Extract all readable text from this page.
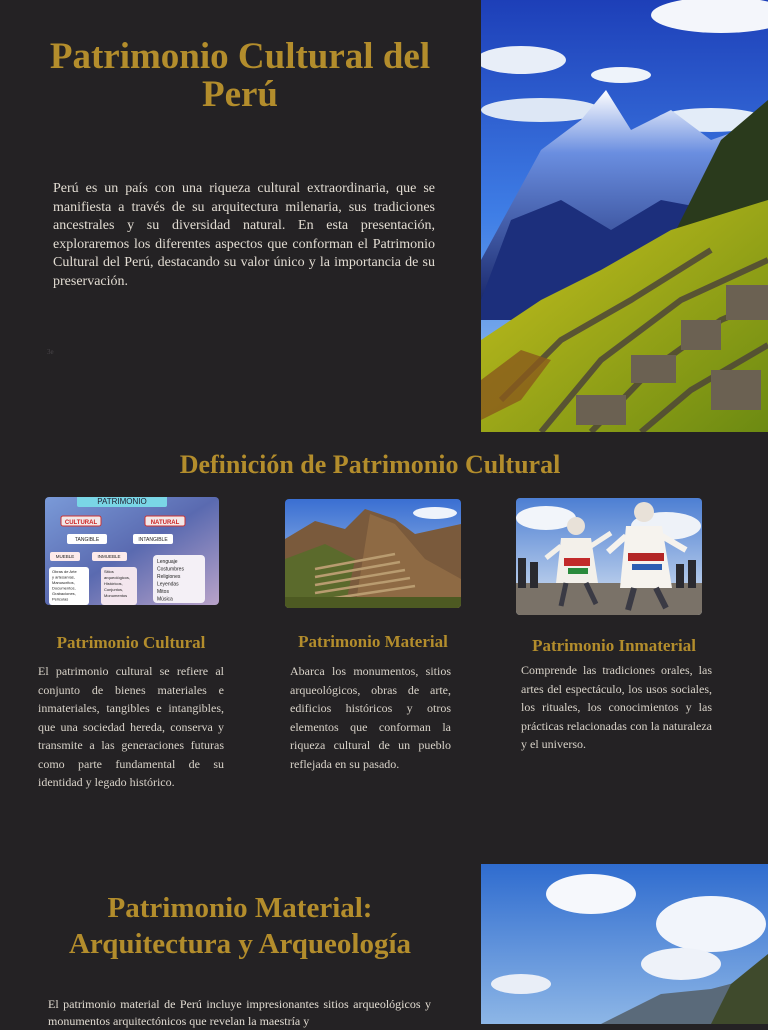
Patrimonio Cultural del Perú
Perú es un país con una riqueza cultural extraordinaria, que se manifiesta a través de su arquitectura milenaria, sus tradiciones ancestrales y su diversidad natural. En esta presentación, exploraremos los diferentes aspectos que conforman el Patrimonio Cultural del Perú, destacando su valor único y la importancia de su preservación.
3e
Definición de Patrimonio Cultural
PATRIMONIO
CULTURAL	NATURAL
TANGIBLE	INTANGIBLE
MUEBLE	INMUEBLE
Obras de Arte
y artesanías,
Manuscritos,
Documentos,
Grabaciones,
Películas
Sitios
arqueológicos,
Históricos,
Conjuntos,
Monumentos
Lenguaje
Costumbres
Religiones
Leyendas
Mitos
Música
Patrimonio Cultural	Patrimonio Material	Patrimonio Inmaterial
El patrimonio cultural se refiere al conjunto de bienes materiales e inmateriales, tangibles e intangibles, que una sociedad hereda, conserva y transmite a las generaciones futuras como parte fundamental de su identidad y legado histórico.
Abarca los monumentos, sitios arqueológicos, obras de arte, edificios históricos y otros elementos que conforman la riqueza cultural de un pueblo reflejada en su pasado.
Comprende las tradiciones orales, las artes del espectáculo, los usos sociales, los rituales, los conocimientos y las prácticas relacionadas con la naturaleza y el universo.
Patrimonio Material: Arquitectura y Arqueología
El patrimonio material de Perú incluye impresionantes sitios arqueológicos y monumentos arquitectónicos que revelan la maestría y
